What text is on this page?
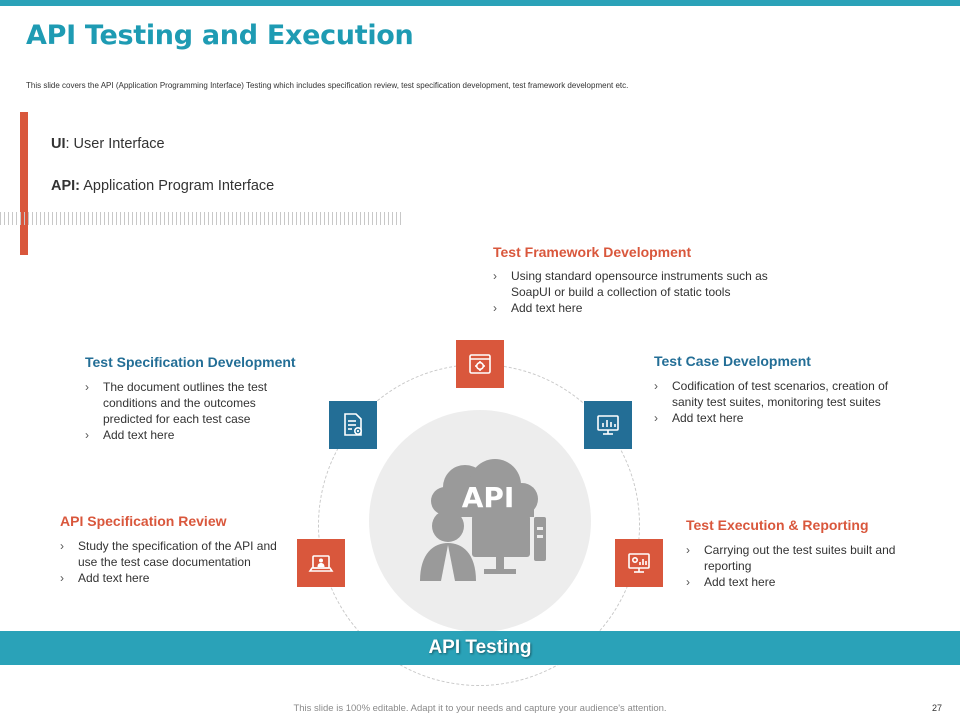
API Testing and Execution
This slide covers the API (Application Programming Interface) Testing which includes specification review, test specification development, test framework development etc.
UI: User Interface
API: Application Program Interface
API
Test Framework Development
› Using standard opensource instruments such as SoapUI or build a collection of static tools
› Add text here
Test Specification Development
› The document outlines the test conditions and the outcomes predicted for each test case
› Add text here
Test Case Development
› Codification of test scenarios, creation of sanity test suites, monitoring test suites
› Add text here
API Specification Review
› Study the specification of the API and use the test case documentation
› Add text here
Test Execution & Reporting
› Carrying out the test suites built and reporting
› Add text here
API Testing
This slide is 100% editable. Adapt it to your needs and capture your audience's attention.	27
